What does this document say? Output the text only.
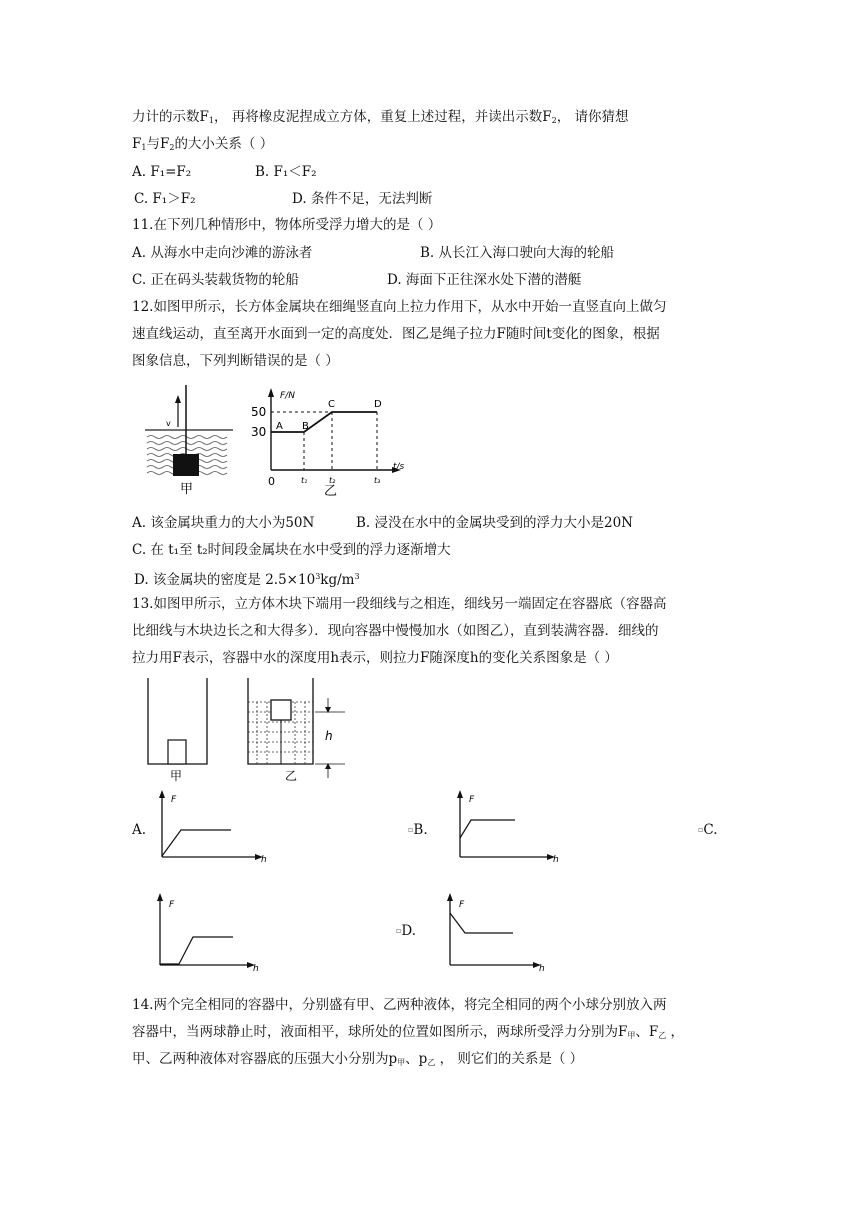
力计的示数$F_1$， 再将橡皮泥捏成立方体，重复上述过程，并读出示数$F_2$， 请你猜想
$F_1$与$F_2$的大小关系（ ）
A. F₁=F₂	B. F₁＜F₂
C. F₁＞F₂	D. 条件不足，无法判断
11.在下列几种情形中，物体所受浮力增大的是（ ）
A. 从海水中走向沙滩的游泳者	B. 从长江入海口驶向大海的轮船
C. 正在码头装载货物的轮船	D. 海面下正往深水处下潜的潜艇
12.如图甲所示，长方体金属块在细绳竖直向上拉力作用下，从水中开始一直竖直向上做匀
速直线运动，直至离开水面到一定的高度处．图乙是绳子拉力F随时间t变化的图象，根据
图象信息，下列判断错误的是（ ）
v
甲
F/N
t/s
50
30
0
A B
C	D
t₁	t₂	t₃
乙
A. 该金属块重力的大小为50N	B. 浸没在水中的金属块受到的浮力大小是20N
C. 在 t₁至 t₂时间段金属块在水中受到的浮力逐渐增大
D. 该金属块的密度是 $2.5\times 10^3kg/m^3$
13.如图甲所示，立方体木块下端用一段细线与之相连，细线另一端固定在容器底（容器高
比细线与木块边长之和大得多）．现向容器中慢慢加水（如图乙），直到装满容器．细线的
拉力用F表示，容器中水的深度用h表示，则拉力F随深度h的变化关系图象是（ ）
甲
h
乙
A.
F
h
▫B.
F
h
▫C.
F
h
▫D.
F
h
14.两个完全相同的容器中，分别盛有甲、乙两种液体，将完全相同的两个小球分别放入两
容器中，当两球静止时，液面相平，球所处的位置如图所示，两球所受浮力分别为$F_甲$、$F_乙$ ，
甲、乙两种液体对容器底的压强大小分别为$p_甲$、$p_乙$ ， 则它们的关系是（ ）
